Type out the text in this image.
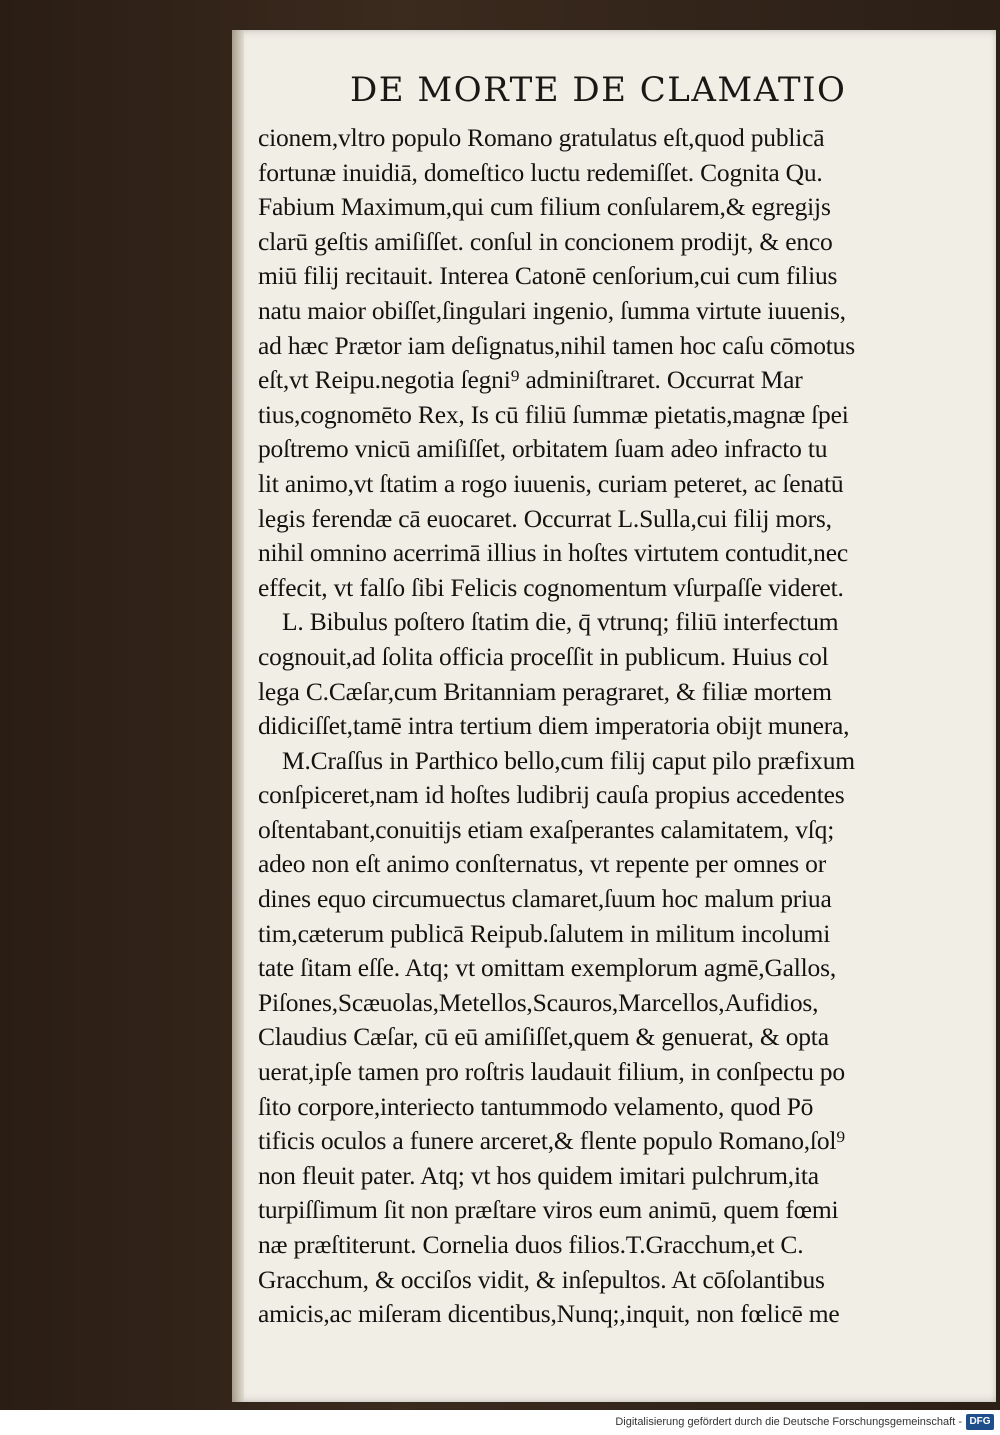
DE MORTE DE CLAMATIO
cionem,vltro populo Romano gratulatus eſt,quod publicā
fortunæ inuidiā, domeſtico luctu redemiſſet. Cognita Qu.
Fabium Maximum,qui cum filium conſularem,& egregijs
clarū geſtis amiſiſſet. conſul in concionem prodijt, & enco
miū filij recitauit. Interea Catonē cenſorium,cui cum filius
natu maior obiſſet,ſingulari ingenio, ſumma virtute iuuenis,
ad hæc Prætor iam deſignatus,nihil tamen hoc caſu cōmotus
eſt,vt Reipu.negotia ſegni⁹ adminiſtraret. Occurrat Mar
tius,cognomēto Rex, Is cū filiū ſummæ pietatis,magnæ ſpei
poſtremo vnicū amiſiſſet, orbitatem ſuam adeo infracto tu
lit animo,vt ſtatim a rogo iuuenis, curiam peteret, ac ſenatū
legis ferendæ cā euocaret. Occurrat L.Sulla,cui filij mors,
nihil omnino acerrimā illius in hoſtes virtutem contudit,nec
effecit, vt falſo ſibi Felicis cognomentum vſurpaſſe videret.
L. Bibulus poſtero ſtatim die, q̄ vtrunq; filiū interfectum
cognouit,ad ſolita officia proceſſit in publicum. Huius col
lega C.Cæſar,cum Britanniam peragraret, & filiæ mortem
didiciſſet,tamē intra tertium diem imperatoria obijt munera,
M.Craſſus in Parthico bello,cum filij caput pilo præfixum
conſpiceret,nam id hoſtes ludibrij cauſa propius accedentes
oſtentabant,conuitijs etiam exaſperantes calamitatem, vſq;
adeo non eſt animo conſternatus, vt repente per omnes or
dines equo circumuectus clamaret,ſuum hoc malum priua
tim,cæterum publicā Reipub.ſalutem in militum incolumi
tate ſitam eſſe. Atq; vt omittam exemplorum agmē,Gallos,
Piſones,Scæuolas,Metellos,Scauros,Marcellos,Aufidios,
Claudius Cæſar, cū eū amiſiſſet,quem & genuerat, & opta
uerat,ipſe tamen pro roſtris laudauit filium, in conſpectu po
ſito corpore,interiecto tantummodo velamento, quod Pō
tificis oculos a funere arceret,& flente populo Romano,ſol⁹
non fleuit pater. Atq; vt hos quidem imitari pulchrum,ita
turpiſſimum ſit non præſtare viros eum animū, quem fœmi
næ præſtiterunt. Cornelia duos filios.T.Gracchum,et C.
Gracchum, & occiſos vidit, & inſepultos. At cōſolantibus
amicis,ac miſeram dicentibus,Nunq;,inquit, non fœlicē me
Digitalisierung gefördert durch die Deutsche Forschungsgemeinschaft - DFG
